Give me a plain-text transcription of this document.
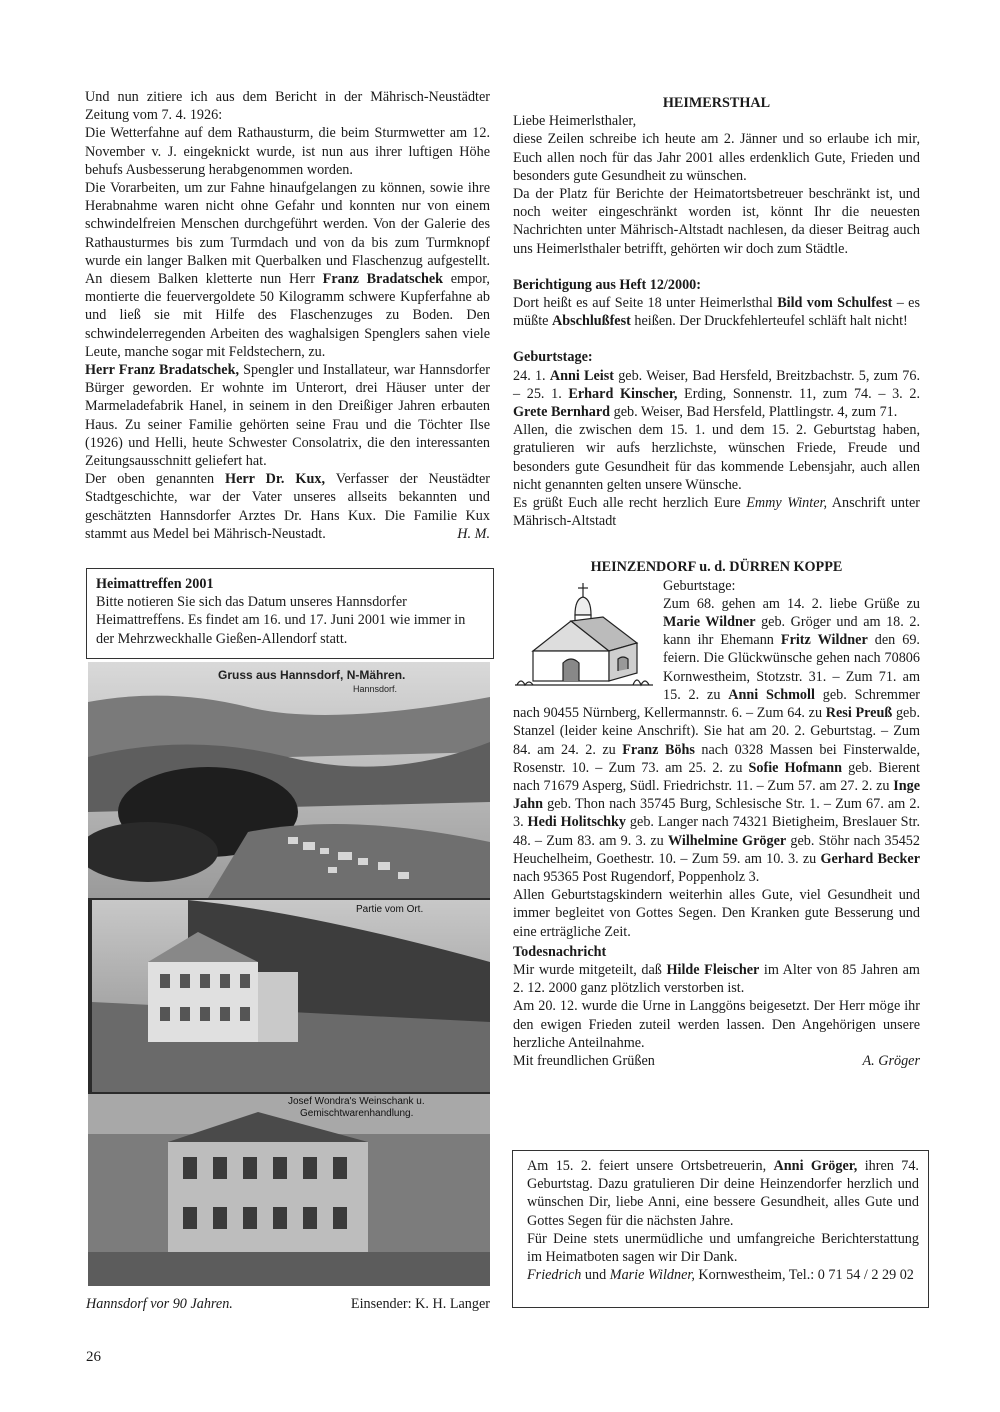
Und nun zitiere ich aus dem Bericht in der Mährisch-Neustädter Zeitung vom 7. 4. 1926:

Die Wetterfahne auf dem Rathausturm, die beim Sturmwetter am 12. November v. J. eingeknickt wurde, ist nun aus ihrer luftigen Höhe behufs Ausbesserung herabgenommen worden.

Die Vorarbeiten, um zur Fahne hinaufgelangen zu können, sowie ihre Herabnahme waren nicht ohne Gefahr und konnten nur von einem schwindelfreien Menschen durchgeführt werden. Von der Galerie des Rathausturmes bis zum Turmdach und von da bis zum Turmknopf wurde ein langer Balken mit Querbalken und Flaschenzug aufgestellt. An diesem Balken kletterte nun Herr Franz Bradatschek empor, montierte die feuervergoldete 50 Kilogramm schwere Kupferfahne ab und ließ sie mit Hilfe des Flaschenzuges zu Boden. Den schwindelerregenden Arbeiten des waghalsigen Spenglers sahen viele Leute, manche sogar mit Feldstechern, zu.

Herr Franz Bradatschek, Spengler und Installateur, war Hannsdorfer Bürger geworden. Er wohnte im Unterort, drei Häuser unter der Marmeladefabrik Hanel, in seinem in den Dreißiger Jahren erbauten Haus. Zu seiner Familie gehörten seine Frau und die Töchter Ilse (1926) und Helli, heute Schwester Consolatrix, die den interessanten Zeitungsausschnitt geliefert hat.

Der oben genannten Herr Dr. Kux, Verfasser der Neustädter Stadtgeschichte, war der Vater unseres allseits bekannten und geschätzten Hannsdorfer Arztes Dr. Hans Kux. Die Familie Kux stammt aus Medel bei Mährisch-Neustadt.	H. M.

Heimattreffen 2001
Bitte notieren Sie sich das Datum unseres Hannsdorfer Heimattreffens. Es findet am 16. und 17. Juni 2001 wie immer in der Mehrzweckhalle Gießen-Allendorf statt.
Gruss aus Hannsdorf, N-Mähren.
Hannsdorf.
Partie vom Ort.
Josef Wondra's Weinschank u.
Gemischtwarenhandlung.
Hannsdorf vor 90 Jahren.	Einsender: K. H. Langer
26
HEIMERSTHAL

Liebe Heimerlsthaler,

diese Zeilen schreibe ich heute am 2. Jänner und so erlaube ich mir, Euch allen noch für das Jahr 2001 alles erdenklich Gute, Frieden und besonders gute Gesundheit zu wünschen.

Da der Platz für Berichte der Heimatortsbetreuer beschränkt ist, und noch weiter eingeschränkt worden ist, könnt Ihr die neuesten Nachrichten unter Mährisch-Altstadt nachlesen, da dieser Beitrag auch uns Heimerlsthaler betrifft, gehörten wir doch zum Städtle.

Berichtigung aus Heft 12/2000:

Dort heißt es auf Seite 18 unter Heimerlsthal Bild vom Schulfest – es müßte Abschlußfest heißen. Der Druckfehlerteufel schläft halt nicht!

Geburtstage:

24. 1. Anni Leist geb. Weiser, Bad Hersfeld, Breitzbachstr. 5, zum 76. – 25. 1. Erhard Kinscher, Erding, Sonnenstr. 11, zum 74. – 3. 2. Grete Bernhard geb. Weiser, Bad Hersfeld, Plattlingstr. 4, zum 71.

Allen, die zwischen dem 15. 1. und dem 15. 2. Geburtstag haben, gratulieren wir aufs herzlichste, wünschen Friede, Freude und besonders gute Gesundheit für das kommende Lebensjahr, auch allen nicht genannten gelten unsere Wünsche.

Es grüßt Euch alle recht herzlich Eure Emmy Winter, Anschrift unter Mährisch-Altstadt

HEINZENDORF u. d. DÜRREN KOPPE

Geburtstage:

Zum 68. gehen am 14. 2. liebe Grüße zu Marie Wildner geb. Gröger und am 18. 2. kann ihr Ehemann Fritz Wildner den 69. feiern. Die Glückwünsche gehen nach 70806 Kornwestheim, Stotzstr. 31. – Zum 71. am 15. 2. zu Anni Schmoll geb. Schremmer nach 90455 Nürnberg, Kellermannstr. 6. – Zum 64. zu Resi Preuß geb. Stanzel (leider keine Anschrift). Sie hat am 20. 2. Geburtstag. – Zum 84. am 24. 2. zu Franz Böhs nach 0328 Massen bei Finsterwalde, Rosenstr. 10. – Zum 73. am 25. 2. zu Sofie Hofmann geb. Bierent nach 71679 Asperg, Südl. Friedrichstr. 11. – Zum 57. am 27. 2. zu Inge Jahn geb. Thon nach 35745 Burg, Schlesische Str. 1. – Zum 67. am 2. 3. Hedi Holitschky geb. Langer nach 74321 Bietigheim, Breslauer Str. 48. – Zum 83. am 9. 3. zu Wilhelmine Gröger geb. Stöhr nach 35452 Heuchelheim, Goethestr. 10. – Zum 59. am 10. 3. zu Gerhard Becker nach 95365 Post Rugendorf, Poppenholz 3.

Allen Geburtstagskindern weiterhin alles Gute, viel Gesundheit und immer begleitet von Gottes Segen. Den Kranken gute Besserung und eine erträgliche Zeit.

Todesnachricht

Mir wurde mitgeteilt, daß Hilde Fleischer im Alter von 85 Jahren am 2. 12. 2000 ganz plötzlich verstorben ist.

Am 20. 12. wurde die Urne in Langgöns beigesetzt. Der Herr möge ihr den ewigen Frieden zuteil werden lassen. Den Angehörigen unsere herzliche Anteilnahme.

Mit freundlichen Grüßen	A. Gröger

Am 15. 2. feiert unsere Ortsbetreuerin, Anni Gröger, ihren 74. Geburtstag. Dazu gratulieren Dir deine Heinzendorfer herzlich und wünschen Dir, liebe Anni, eine bessere Gesundheit, alles Gute und Gottes Segen für die nächsten Jahre.

Für Deine stets unermüdliche und umfangreiche Berichterstattung im Heimatboten sagen wir Dir Dank.

Friedrich und Marie Wildner, Kornwestheim, Tel.: 0 71 54 / 2 29 02
